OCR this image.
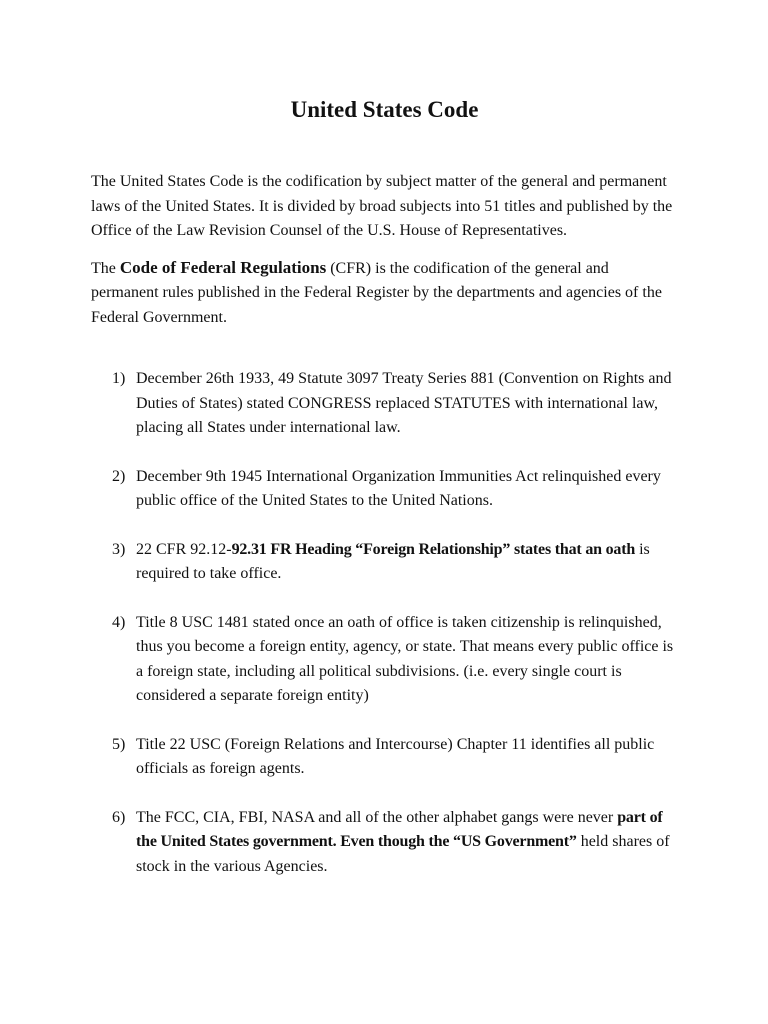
United States Code

The United States Code is the codification by subject matter of the general and permanent laws of the United States. It is divided by broad subjects into 51 titles and published by the Office of the Law Revision Counsel of the U.S. House of Representatives.

The Code of Federal Regulations (CFR) is the codification of the general and permanent rules published in the Federal Register by the departments and agencies of the Federal Government.

1) December 26th 1933, 49 Statute 3097 Treaty Series 881 (Convention on Rights and Duties of States) stated CONGRESS replaced STATUTES with international law, placing all States under international law.
2) December 9th 1945 International Organization Immunities Act relinquished every public office of the United States to the United Nations.
3) 22 CFR 92.12-92.31 FR Heading “Foreign Relationship” states that an oath is required to take office.
4) Title 8 USC 1481 stated once an oath of office is taken citizenship is relinquished, thus you become a foreign entity, agency, or state. That means every public office is a foreign state, including all political subdivisions. (i.e. every single court is considered a separate foreign entity)
5) Title 22 USC (Foreign Relations and Intercourse) Chapter 11 identifies all public officials as foreign agents.
6) The FCC, CIA, FBI, NASA and all of the other alphabet gangs were never part of the United States government. Even though the “US Government” held shares of stock in the various Agencies.
